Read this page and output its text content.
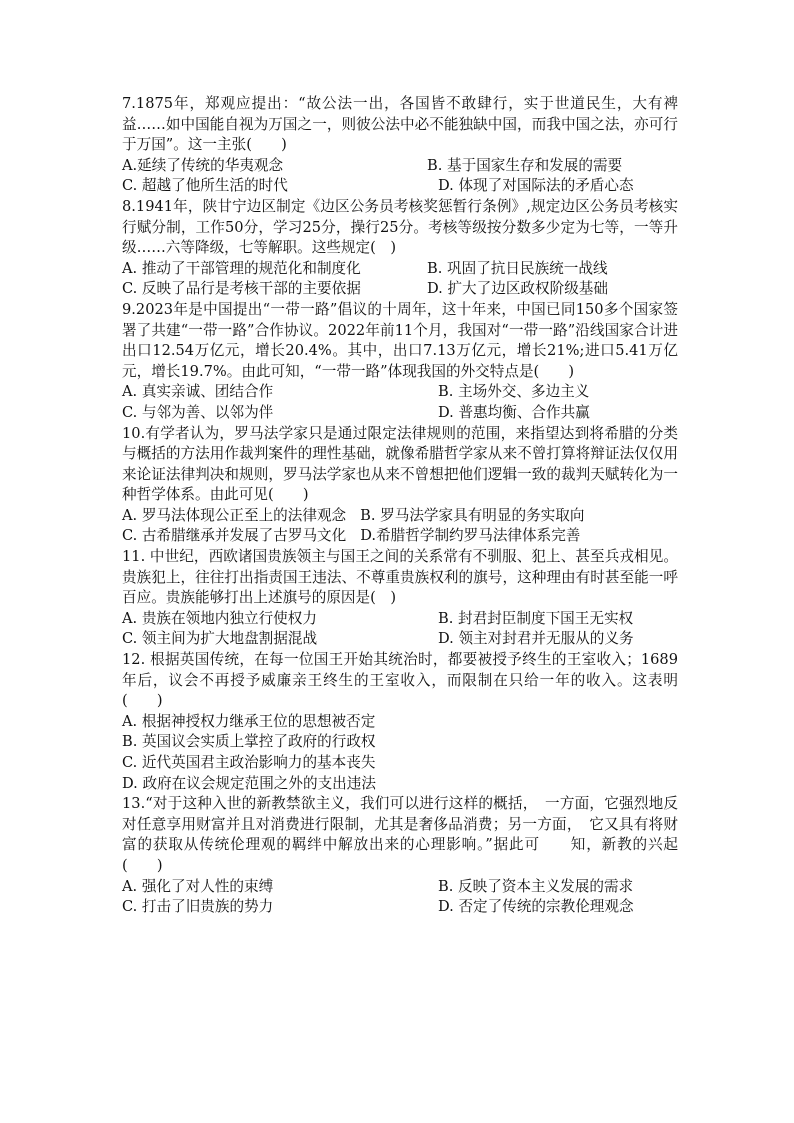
7.1875年，郑观应提出：“故公法一出，各国皆不敢肆行，实于世道民生，大有裨益……如中国能自视为万国之一，则彼公法中必不能独缺中国，而我中国之法，亦可行于万国”。这一主张(　　)

A.延续了传统的华夷观念	B. 基于国家生存和发展的需要
C. 超越了他所生活的时代	D. 体现了对国际法的矛盾心态

8.1941年，陕甘宁边区制定《边区公务员考核奖惩暂行条例》,规定边区公务员考核实行赋分制，工作50分，学习25分，操行25分。考核等级按分数多少定为七等，一等升级……六等降级，七等解职。这些规定(　)

A. 推动了干部管理的规范化和制度化	B. 巩固了抗日民族统一战线
C. 反映了品行是考核干部的主要依据	D. 扩大了边区政权阶级基础

9.2023年是中国提出“一带一路”倡议的十周年，这十年来，中国已同150多个国家签署了共建“一带一路”合作协议。2022年前11个月，我国对“一带一路”沿线国家合计进出口12.54万亿元，增长20.4%。其中，出口7.13万亿元，增长21%;进口5.41万亿元，增长19.7%。由此可知，“一带一路”体现我国的外交特点是(　　)

A. 真实亲诚、团结合作	B. 主场外交、多边主义
C. 与邻为善、以邻为伴	D. 普惠均衡、合作共赢

10.有学者认为，罗马法学家只是通过限定法律规则的范围，来指望达到将希腊的分类与概括的方法用作裁判案件的理性基础，就像希腊哲学家从来不曾打算将辩证法仅仅用来论证法律判决和规则，罗马法学家也从来不曾想把他们逻辑一致的裁判天赋转化为一种哲学体系。由此可见(　　)

A. 罗马法体现公正至上的法律观念 B. 罗马法学家具有明显的务实取向
C. 古希腊继承并发展了古罗马文化 D.希腊哲学制约罗马法律体系完善

11. 中世纪，西欧诸国贵族领主与国王之间的关系常有不驯服、犯上、甚至兵戎相见。贵族犯上，往往打出指责国王违法、不尊重贵族权利的旗号，这种理由有时甚至能一呼百应。贵族能够打出上述旗号的原因是(　)

A. 贵族在领地内独立行使权力	B. 封君封臣制度下国王无实权
C. 领主间为扩大地盘割据混战	D. 领主对封君并无服从的义务

12. 根据英国传统，在每一位国王开始其统治时，都要被授予终生的王室收入；1689年后，议会不再授予威廉亲王终生的王室收入，而限制在只给一年的收入。这表明(　　)

A. 根据神授权力继承王位的思想被否定

B. 英国议会实质上掌控了政府的行政权

C. 近代英国君主政治影响力的基本丧失

D. 政府在议会规定范围之外的支出违法

13.“对于这种入世的新教禁欲主义，我们可以进行这样的概括，　一方面，它强烈地反对任意享用财富并且对消费进行限制，尤其是奢侈品消费；另一方面，　它又具有将财富的获取从传统伦理观的羁绊中解放出来的心理影响。”据此可　　知，新教的兴起(　　)

A. 强化了对人性的束缚	B. 反映了资本主义发展的需求
C. 打击了旧贵族的势力	D. 否定了传统的宗教伦理观念
